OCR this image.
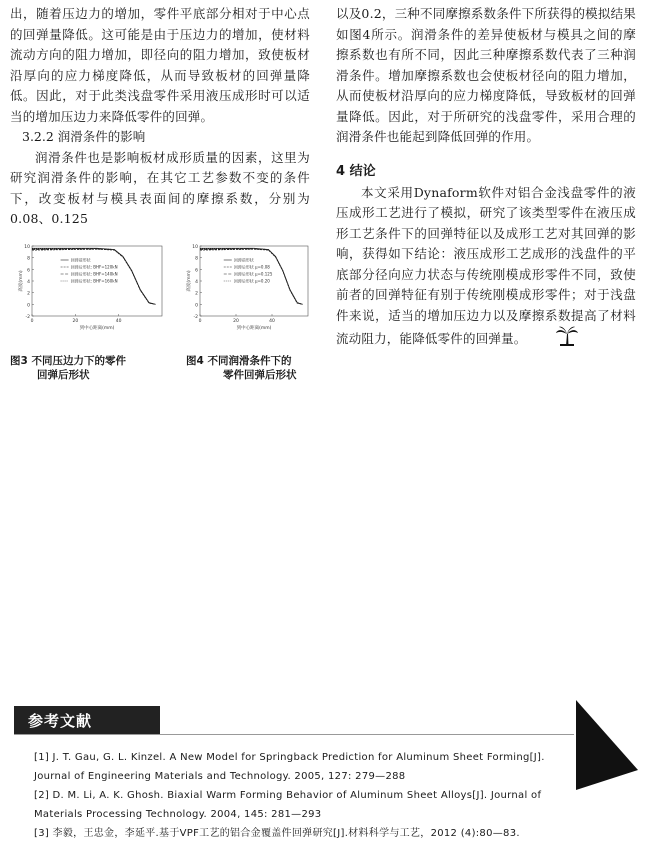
出，随着压边力的增加，零件平底部分相对于中心点的回弹量降低。这可能是由于压边力的增加，使材料流动方向的阻力增加，即径向的阻力增加，致使板材沿厚向的应力梯度降低，从而导致板材的回弹量降低。因此，对于此类浅盘零件采用液压成形时可以适当的增加压边力来降低零件的回弹。

3.2.2 润滑条件的影响

润滑条件也是影响板材成形质量的因素，这里为研究润滑条件的影响，在其它工艺参数不变的条件下，改变板材与模具表面间的摩擦系数，分别为0.08、0.125

-2
0
2
4
6
8
10
0	20	40
到中心距离(mm)
高度(mm)
回弹前形状
回弹后形状: BHF=120kN
回弹后形状: BHF=140kN
回弹后形状: BHF=160kN
-2
0
2
4
6
8
10
0	20	40
到中心距离(mm)
高度(mm)
回弹前形状
回弹后形状 μ=0.08
回弹后形状 μ=0.125
回弹后形状 μ=0.20
图3 不同压边力下的零件
回弹后形状
图4 不同润滑条件下的
零件回弹后形状

以及0.2，三种不同摩擦系数条件下所获得的模拟结果如图4所示。润滑条件的差异使板材与模具之间的摩擦系数也有所不同，因此三种摩擦系数代表了三种润滑条件。增加摩擦系数也会使板材径向的阻力增加，从而使板材沿厚向的应力梯度降低，导致板材的回弹量降低。因此，对于所研究的浅盘零件，采用合理的润滑条件也能起到降低回弹的作用。

4 结论

本文采用Dynaform软件对铝合金浅盘零件的液压成形工艺进行了模拟，研究了该类型零件在液压成形工艺条件下的回弹特征以及成形工艺对其回弹的影响，获得如下结论：液压成形工艺成形的浅盘件的平底部分径向应力状态与传统刚模成形零件不同，致使前者的回弹特征有别于传统刚模成形零件；对于浅盘件来说，适当的增加压边力以及摩擦系数提高了材料流动阻力，能降低零件的回弹量。

参考文献

[1] J. T. Gau, G. L. Kinzel. A New Model for Springback Prediction for Aluminum Sheet Forming[J].

Journal of Engineering Materials and Technology. 2005, 127: 279—288

[2] D. M. Li, A. K. Ghosh. Biaxial Warm Forming Behavior of Aluminum Sheet Alloys[J]. Journal of

Materials Processing Technology. 2004, 145: 281—293

[3] 李毅，王忠金，李延平.基于VPF工艺的铝合金覆盖件回弹研究[J].材料科学与工艺，2012 (4):80—83.
